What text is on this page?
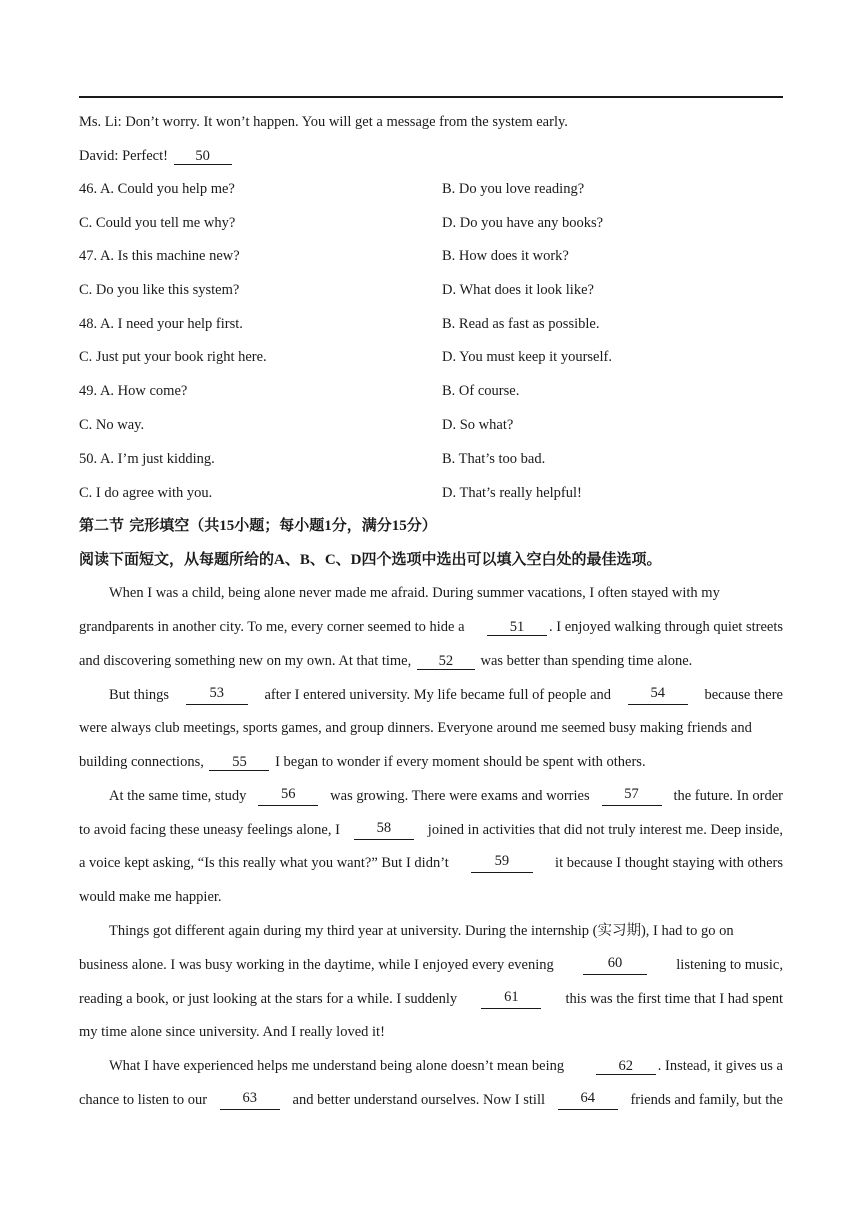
Ms. Li: Don’t worry. It won’t happen. You will get a message from the system early.
David: Perfect! 50
46. A. Could you help me?	B. Do you love reading?
C. Could you tell me why?	D. Do you have any books?
47. A. Is this machine new?	B. How does it work?
C. Do you like this system?	D. What does it look like?
48. A. I need your help first.	B. Read as fast as possible.
C. Just put your book right here.	D. You must keep it yourself.
49. A. How come?	B. Of course.
C. No way.	D. So what?
50. A. I’m just kidding.	B. That’s too bad.
C. I do agree with you.	D. That’s really helpful!
第二节 完形填空（共15小题；每小题1分，满分15分）
阅读下面短文，从每题所给的A、B、C、D四个选项中选出可以填入空白处的最佳选项。
When I was a child, being alone never made me afraid. During summer vacations, I often stayed with my
grandparents in another city. To me, every corner seemed to hide a	51 . I enjoyed walking through quiet streets
and discovering something new on my own. At that time, 52 was better than spending time alone.
But things	53	after I entered university. My life became full of people and	54	because there
were always club meetings, sports games, and group dinners. Everyone around me seemed busy making friends and
building connections, 55 I began to wonder if every moment should be spent with others.
At the same time, study	56	was growing. There were exams and worries	57	the future. In order
to avoid facing these uneasy feelings alone, I	58	joined in activities that did not truly interest me. Deep inside,
a voice kept asking, “Is this really what you want?” But I didn’t	59	it because I thought staying with others
would make me happier.
Things got different again during my third year at university. During the internship (实习期), I had to go on
business alone. I was busy working in the daytime, while I enjoyed every evening	60	listening to music,
reading a book, or just looking at the stars for a while. I suddenly	61	this was the first time that I had spent
my time alone since university. And I really loved it!
What I have experienced helps me understand being alone doesn’t mean being	62 . Instead, it gives us a
chance to listen to our	63	and better understand ourselves. Now I still	64	friends and family, but the
